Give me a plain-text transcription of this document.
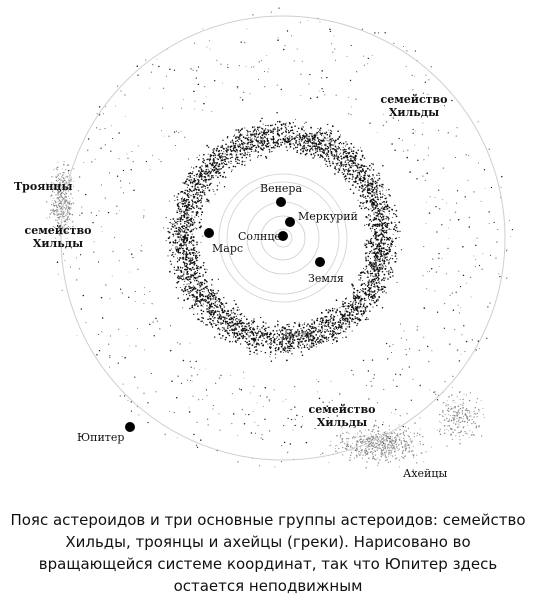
Солнце
Меркурий
Венера
Земля
Марс
Юпитер
Пояс
семейство
Хильды
Троянцы
семейство
Хильды
семейство
Хильды
Ахейцы

Пояс астероидов и три основные группы астероидов: семейство Хильды, троянцы и ахейцы (греки). Нарисовано во вращающейся системе координат, так что Юпитер здесь остается неподвижным
